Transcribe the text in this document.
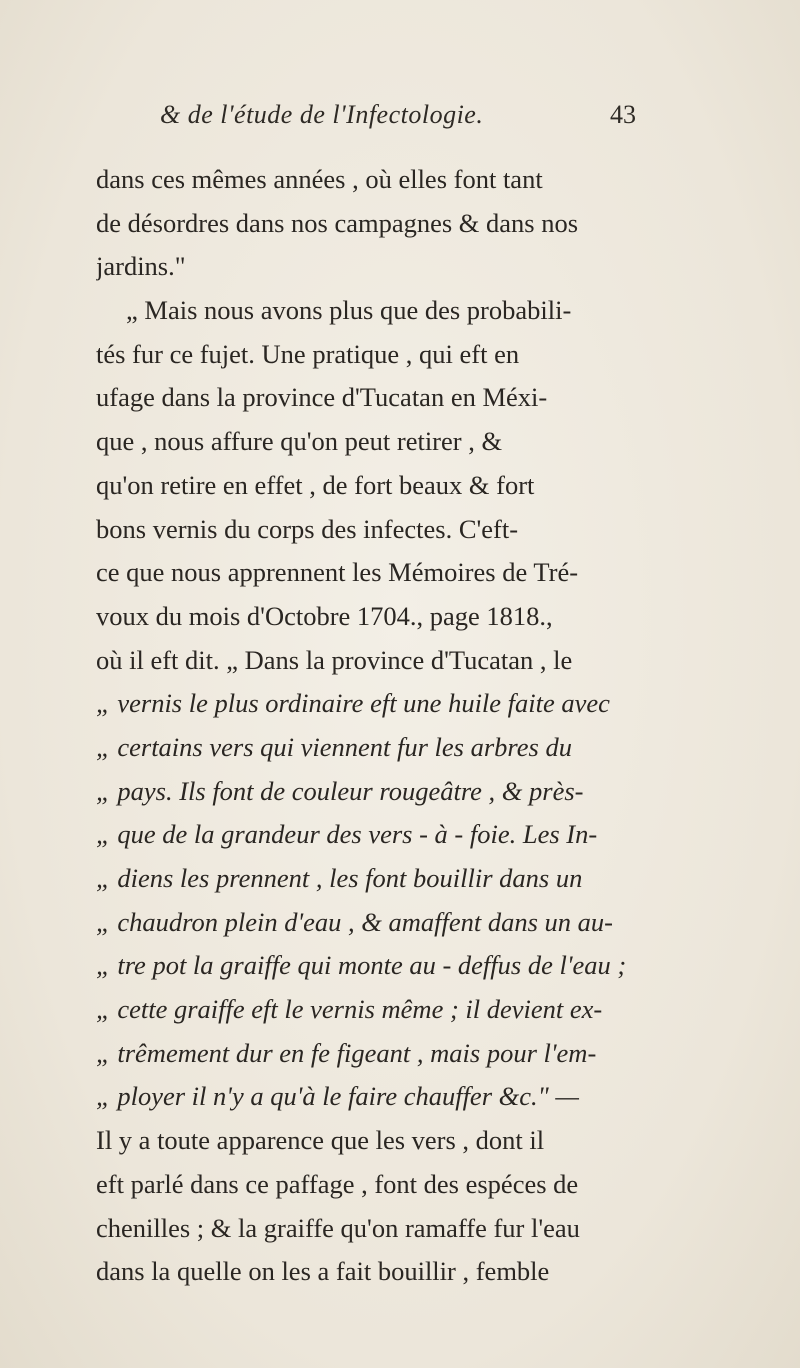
& de l'étude de l'Infectologie.	43
dans ces mêmes années , où elles font tant
de désordres dans nos campagnes & dans nos
jardins."
„ Mais nous avons plus que des probabili-
tés fur ce fujet. Une pratique , qui eft en
ufage dans la province d'Tucatan en Méxi-
que , nous affure qu'on peut retirer , &
qu'on retire en effet , de fort beaux & fort
bons vernis du corps des infectes. C'eft-
ce que nous apprennent les Mémoires de Tré-
voux du mois d'Octobre 1704., page 1818.,
où il eft dit. „ Dans la province d'Tucatan , le
„ vernis le plus ordinaire eft une huile faite avec
„ certains vers qui viennent fur les arbres du
„ pays. Ils font de couleur rougeâtre , & près-
„ que de la grandeur des vers - à - foie. Les In-
„ diens les prennent , les font bouillir dans un
„ chaudron plein d'eau , & amaffent dans un au-
„ tre pot la graiffe qui monte au - deffus de l'eau ;
„ cette graiffe eft le vernis même ; il devient ex-
„ trêmement dur en fe figeant , mais pour l'em-
„ ployer il n'y a qu'à le faire chauffer &c." —
Il y a toute apparence que les vers , dont il
eft parlé dans ce paffage , font des espéces de
chenilles ; & la graiffe qu'on ramaffe fur l'eau
dans la quelle on les a fait bouillir , femble
